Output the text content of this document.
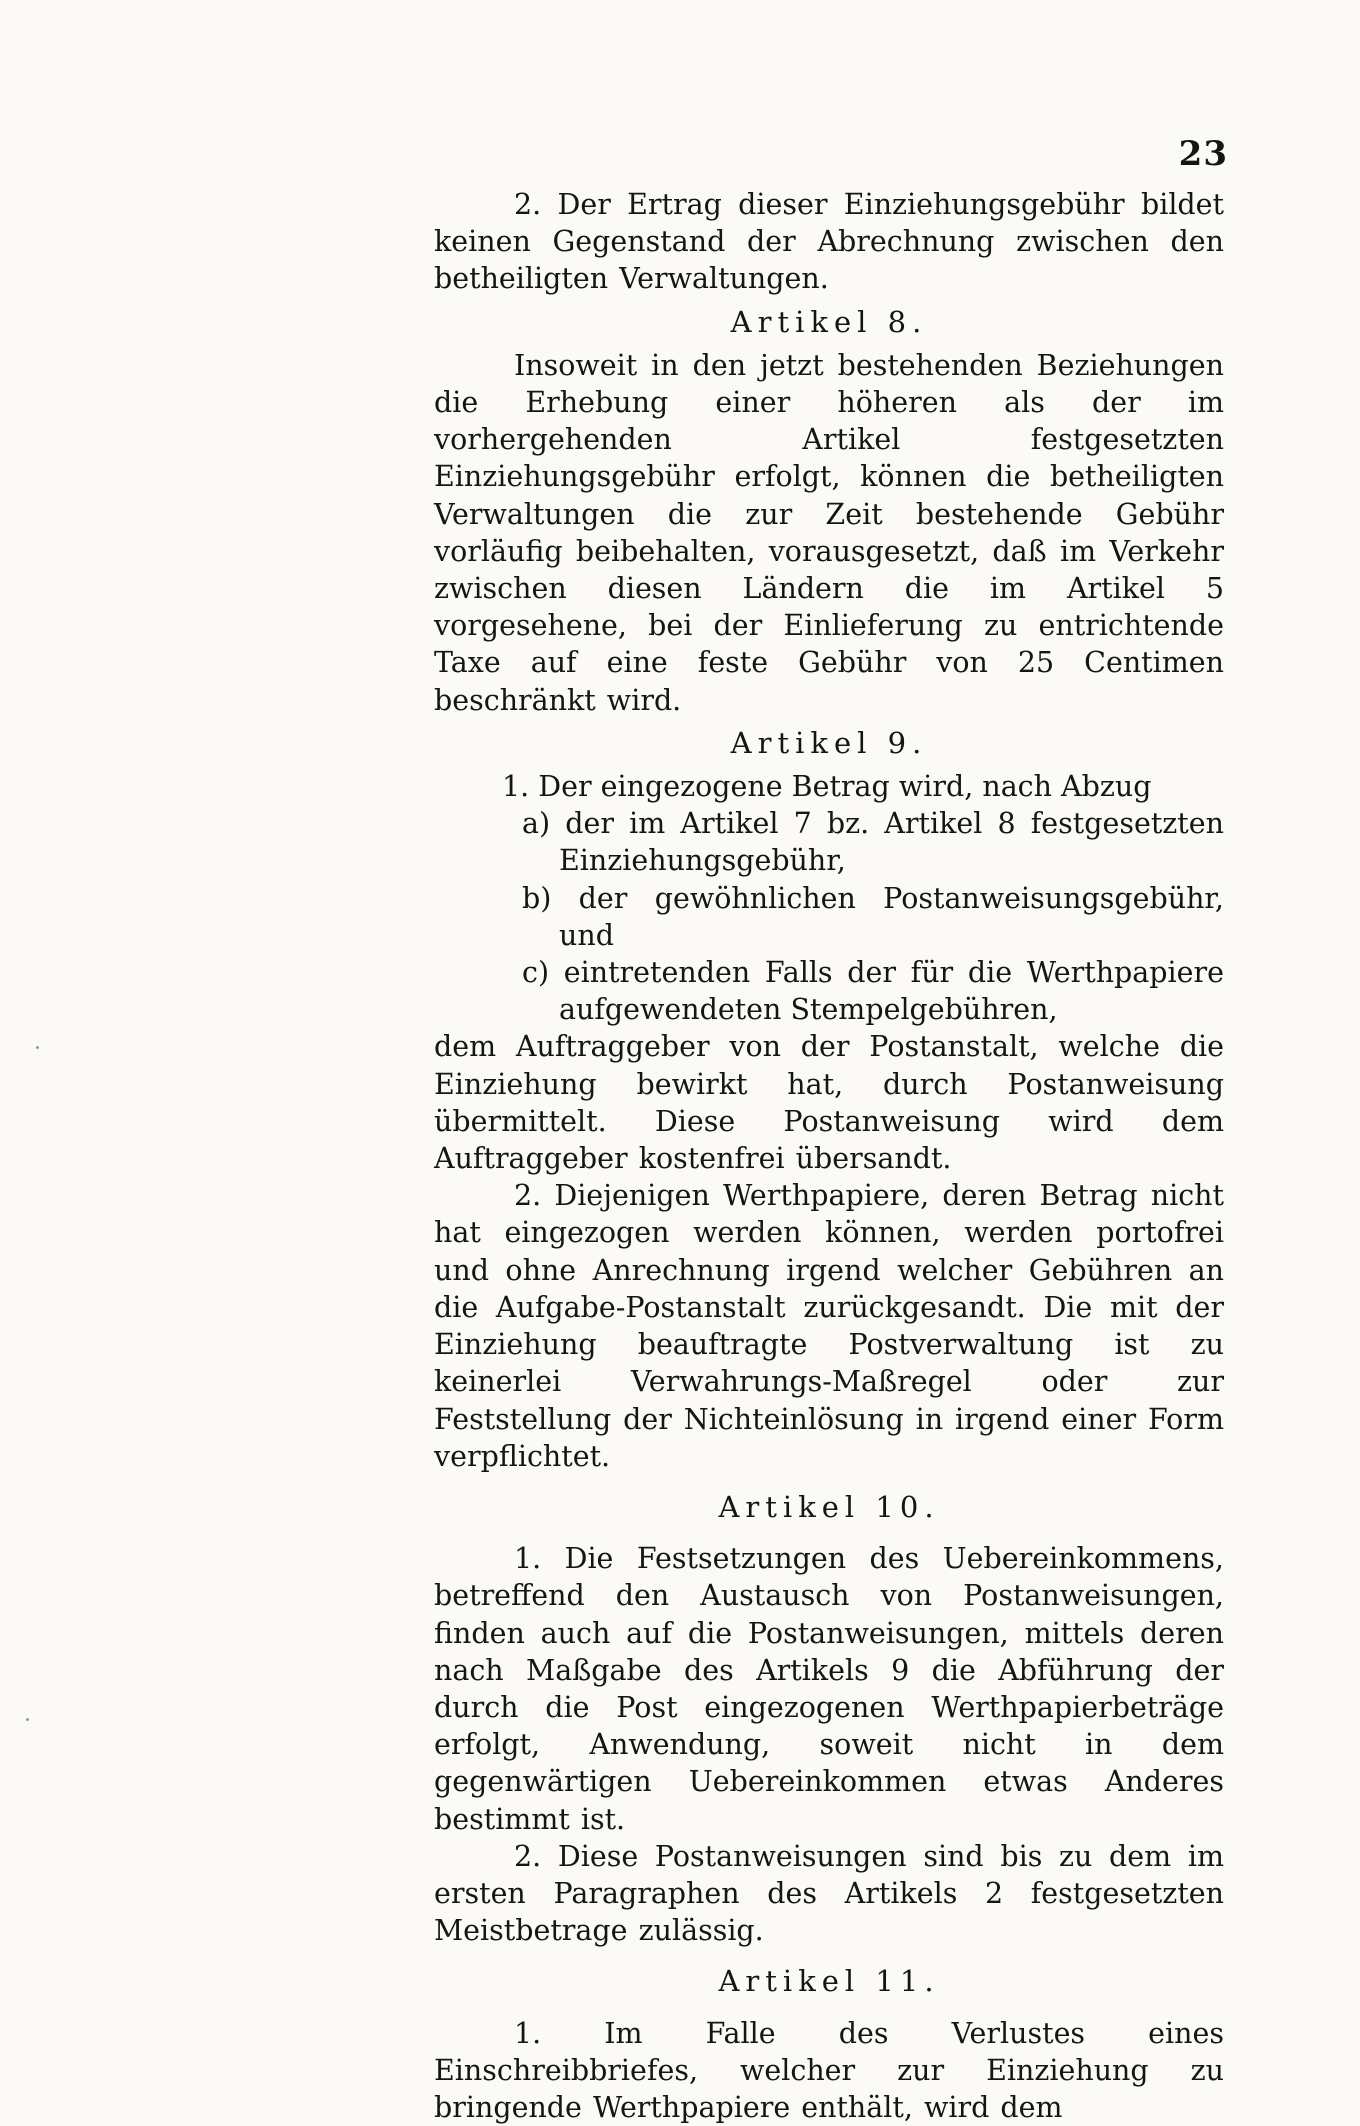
23

2. Der Ertrag dieser Einziehungsgebühr bildet keinen Gegenstand der Abrechnung zwischen den betheiligten Verwaltungen.

Artikel 8.

Insoweit in den jetzt bestehenden Beziehungen die Erhebung einer höheren als der im vorhergehenden Artikel festgesetzten Einziehungsgebühr erfolgt, können die betheiligten Verwaltungen die zur Zeit bestehende Gebühr vorläufig beibehalten, vorausgesetzt, daß im Verkehr zwischen diesen Ländern die im Artikel 5 vorgesehene, bei der Einlieferung zu entrichtende Taxe auf eine feste Gebühr von 25 Centimen beschränkt wird.

Artikel 9.

1. Der eingezogene Betrag wird, nach Abzug

a) der im Artikel 7 bz. Artikel 8 festgesetzten Einziehungsgebühr,

b) der gewöhnlichen Postanweisungsgebühr, und

c) eintretenden Falls der für die Werthpapiere aufgewendeten Stempelgebühren,

dem Auftraggeber von der Postanstalt, welche die Einziehung bewirkt hat, durch Postanweisung übermittelt. Diese Postanweisung wird dem Auftraggeber kostenfrei übersandt.

2. Diejenigen Werthpapiere, deren Betrag nicht hat eingezogen werden können, werden portofrei und ohne Anrechnung irgend welcher Gebühren an die Aufgabe-Postanstalt zurückgesandt. Die mit der Einziehung beauftragte Postverwaltung ist zu keinerlei Verwahrungs-Maßregel oder zur Feststellung der Nichteinlösung in irgend einer Form verpflichtet.

Artikel 10.

1. Die Festsetzungen des Uebereinkommens, betreffend den Austausch von Postanweisungen, finden auch auf die Postanweisungen, mittels deren nach Maßgabe des Artikels 9 die Abführung der durch die Post eingezogenen Werthpapierbeträge erfolgt, Anwendung, soweit nicht in dem gegenwärtigen Uebereinkommen etwas Anderes bestimmt ist.

2. Diese Postanweisungen sind bis zu dem im ersten Paragraphen des Artikels 2 festgesetzten Meistbetrage zulässig.

Artikel 11.

1. Im Falle des Verlustes eines Einschreibbriefes, welcher zur Einziehung zu bringende Werthpapiere enthält, wird dem
